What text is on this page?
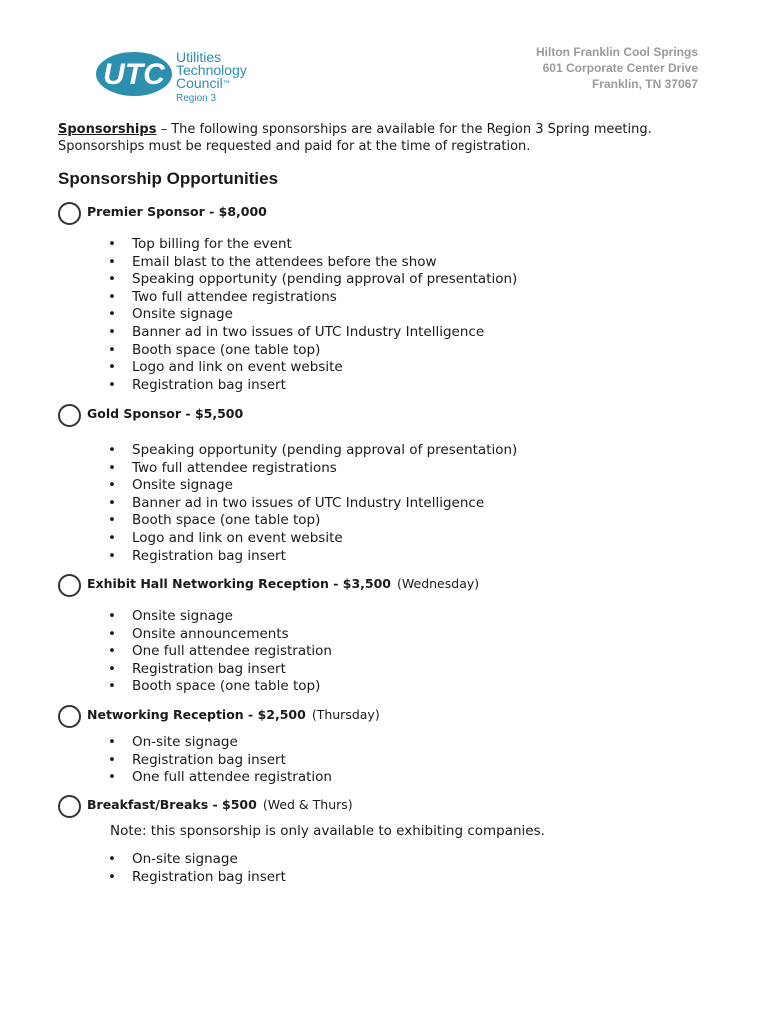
UTC
Utilities
Technology
Council™
Region 3
Hilton Franklin Cool Springs
601 Corporate Center Drive
Franklin, TN 37067
Sponsorships – The following sponsorships are available for the Region 3 Spring meeting. Sponsorships must be requested and paid for at the time of registration.
Sponsorship Opportunities
Premier Sponsor - $8,000
• Top billing for the event
• Email blast to the attendees before the show
• Speaking opportunity (pending approval of presentation)
• Two full attendee registrations
• Onsite signage
• Banner ad in two issues of UTC Industry Intelligence
• Booth space (one table top)
• Logo and link on event website
• Registration bag insert
Gold Sponsor - $5,500
• Speaking opportunity (pending approval of presentation)
• Two full attendee registrations
• Onsite signage
• Banner ad in two issues of UTC Industry Intelligence
• Booth space (one table top)
• Logo and link on event website
• Registration bag insert
Exhibit Hall Networking Reception - $3,500 (Wednesday)
• Onsite signage
• Onsite announcements
• One full attendee registration
• Registration bag insert
• Booth space (one table top)
Networking Reception - $2,500 (Thursday)
• On-site signage
• Registration bag insert
• One full attendee registration
Breakfast/Breaks - $500 (Wed & Thurs)
Note: this sponsorship is only available to exhibiting companies.
• On-site signage
• Registration bag insert
